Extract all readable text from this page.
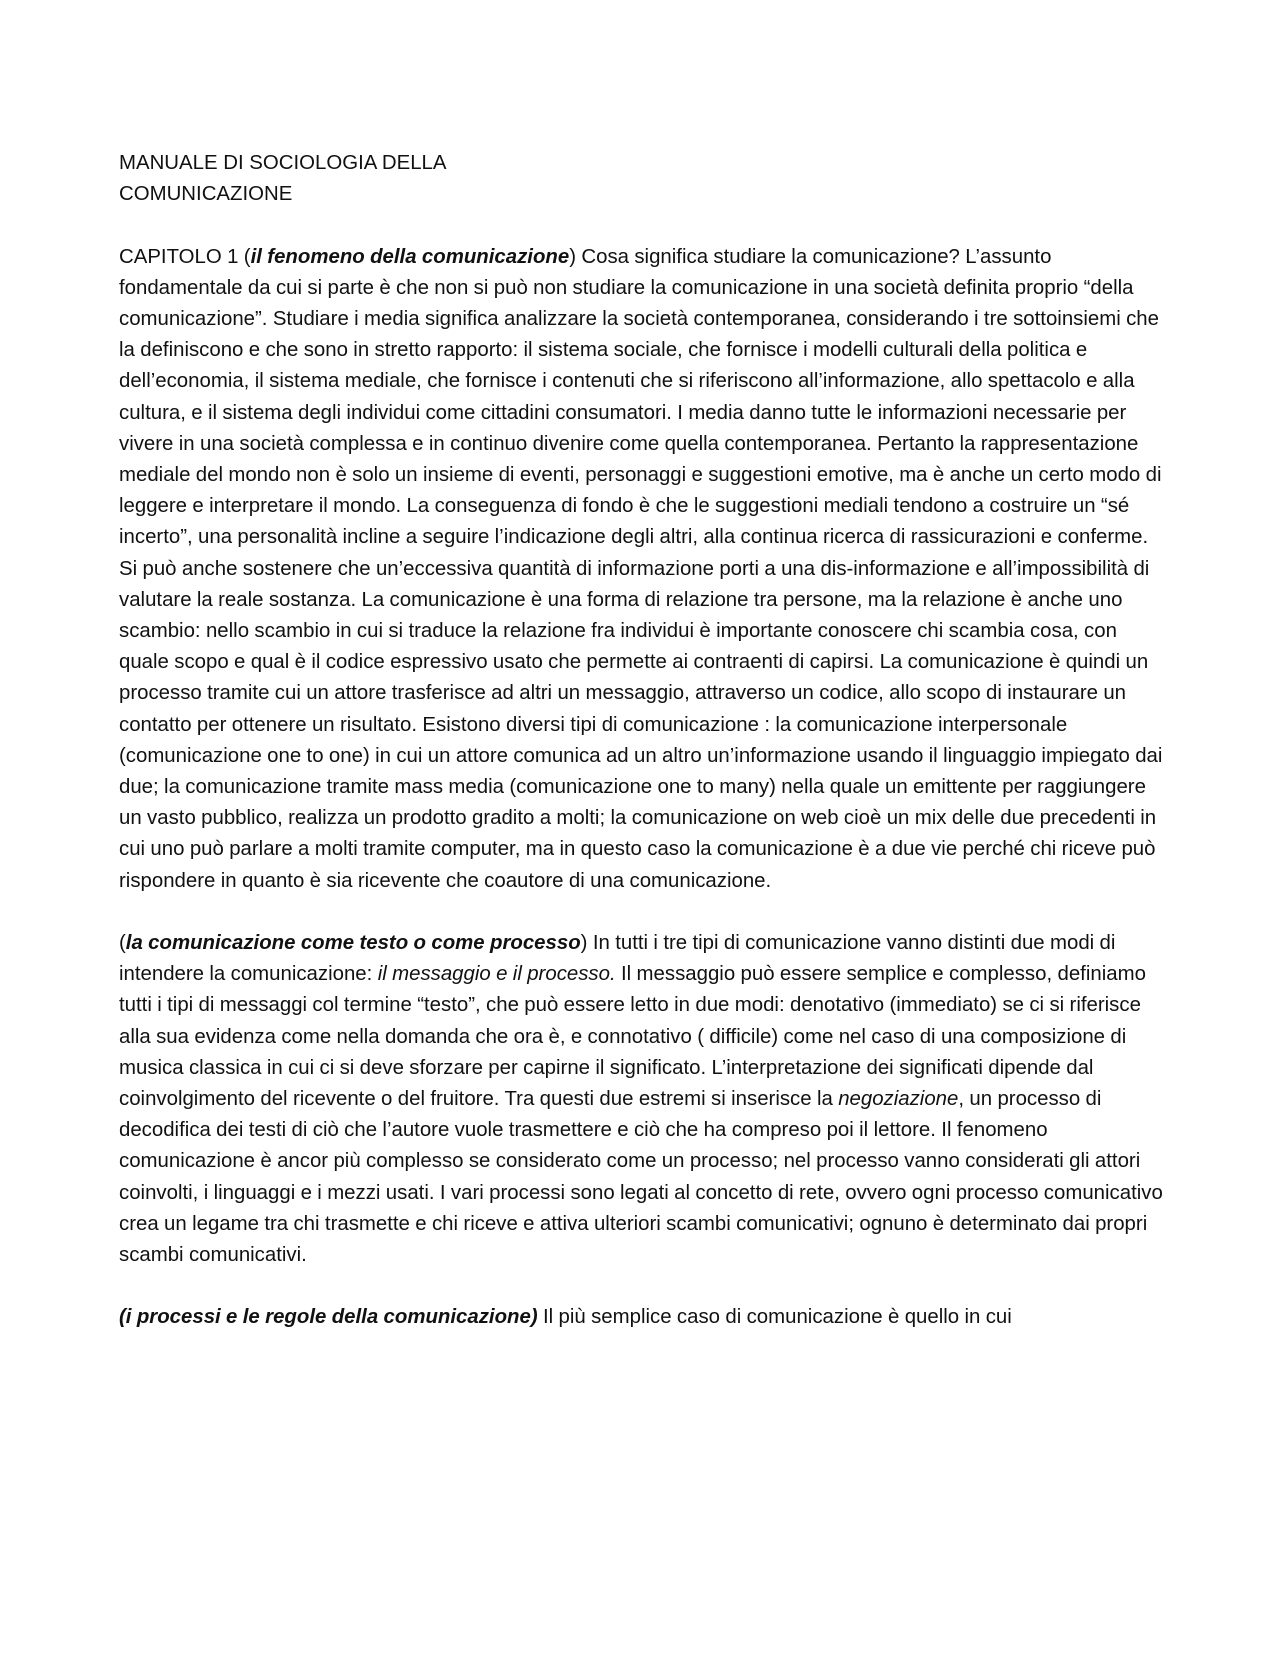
MANUALE DI SOCIOLOGIA DELLA
COMUNICAZIONE

CAPITOLO 1 (il fenomeno della comunicazione) Cosa significa studiare la comunicazione? L’assunto fondamentale da cui si parte è che non si può non studiare la comunicazione in una società definita proprio “della comunicazione”. Studiare i media significa analizzare la società contemporanea, considerando i tre sottoinsiemi che la definiscono e che sono in stretto rapporto: il sistema sociale, che fornisce i modelli culturali della politica e dell’economia, il sistema mediale, che fornisce i contenuti che si riferiscono all’informazione, allo spettacolo e alla cultura, e il sistema degli individui come cittadini consumatori. I media danno tutte le informazioni necessarie per vivere in una società complessa e in continuo divenire come quella contemporanea. Pertanto la rappresentazione mediale del mondo non è solo un insieme di eventi, personaggi e suggestioni emotive, ma è anche un certo modo di leggere e interpretare il mondo. La conseguenza di fondo è che le suggestioni mediali tendono a costruire un “sé incerto”, una personalità incline a seguire l’indicazione degli altri, alla continua ricerca di rassicurazioni e conferme. Si può anche sostenere che un’eccessiva quantità di informazione porti a una dis-informazione e all’impossibilità di valutare la reale sostanza. La comunicazione è una forma di relazione tra persone, ma la relazione è anche uno scambio: nello scambio in cui si traduce la relazione fra individui è importante conoscere chi scambia cosa, con quale scopo e qual è il codice espressivo usato che permette ai contraenti di capirsi. La comunicazione è quindi un processo tramite cui un attore trasferisce ad altri un messaggio, attraverso un codice, allo scopo di instaurare un contatto per ottenere un risultato. Esistono diversi tipi di comunicazione : la comunicazione interpersonale (comunicazione one to one) in cui un attore comunica ad un altro un’informazione usando il linguaggio impiegato dai due; la comunicazione tramite mass media (comunicazione one to many) nella quale un emittente per raggiungere un vasto pubblico, realizza un prodotto gradito a molti; la comunicazione on web cioè un mix delle due precedenti in cui uno può parlare a molti tramite computer, ma in questo caso la comunicazione è a due vie perché chi riceve può rispondere in quanto è sia ricevente che coautore di una comunicazione.

(la comunicazione come testo o come processo) In tutti i tre tipi di comunicazione vanno distinti due modi di intendere la comunicazione: il messaggio e il processo. Il messaggio può essere semplice e complesso, definiamo tutti i tipi di messaggi col termine “testo”, che può essere letto in due modi: denotativo (immediato) se ci si riferisce alla sua evidenza come nella domanda che ora è, e connotativo ( difficile) come nel caso di una composizione di musica classica in cui ci si deve sforzare per capirne il significato. L’interpretazione dei significati dipende dal coinvolgimento del ricevente o del fruitore. Tra questi due estremi si inserisce la negoziazione, un processo di decodifica dei testi di ciò che l’autore vuole trasmettere e ciò che ha compreso poi il lettore. Il fenomeno comunicazione è ancor più complesso se considerato come un processo; nel processo vanno considerati gli attori coinvolti, i linguaggi e i mezzi usati. I vari processi sono legati al concetto di rete, ovvero ogni processo comunicativo crea un legame tra chi trasmette e chi riceve e attiva ulteriori scambi comunicativi; ognuno è determinato dai propri scambi comunicativi.

(i processi e le regole della comunicazione) Il più semplice caso di comunicazione è quello in cui
